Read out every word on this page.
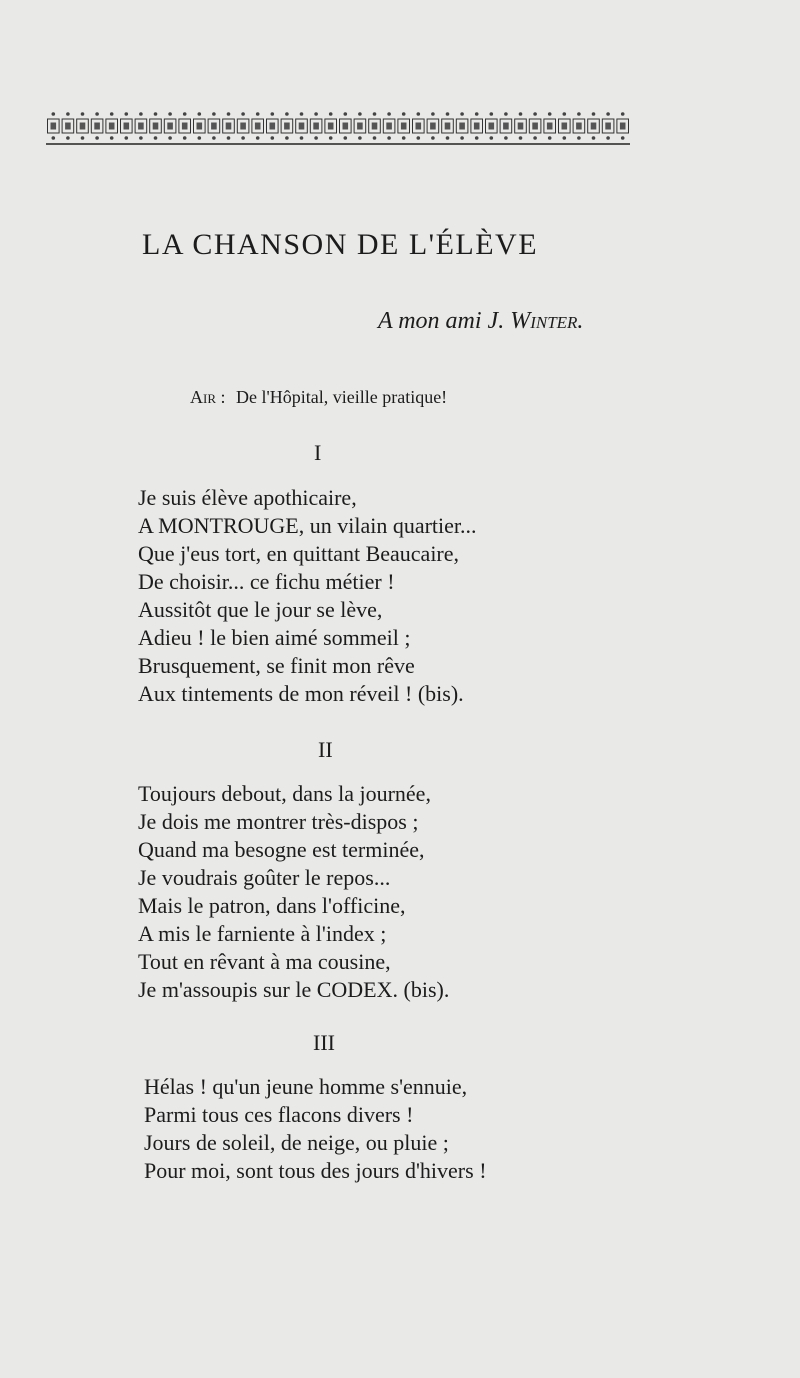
LA CHANSON DE L'ÉLÈVE
A mon ami J. Winter.
Air : De l'Hôpital, vieille pratique!
I
Je suis élève apothicaire,
A MONTROUGE, un vilain quartier...
Que j'eus tort, en quittant Beaucaire,
De choisir... ce fichu métier !
Aussitôt que le jour se lève,
Adieu ! le bien aimé sommeil ;
Brusquement, se finit mon rêve
Aux tintements de mon réveil ! (bis).
II
Toujours debout, dans la journée,
Je dois me montrer très-dispos ;
Quand ma besogne est terminée,
Je voudrais goûter le repos...
Mais le patron, dans l'officine,
A mis le farniente à l'index ;
Tout en rêvant à ma cousine,
Je m'assoupis sur le CODEX. (bis).
III
Hélas ! qu'un jeune homme s'ennuie,
Parmi tous ces flacons divers !
Jours de soleil, de neige, ou pluie ;
Pour moi, sont tous des jours d'hivers !
